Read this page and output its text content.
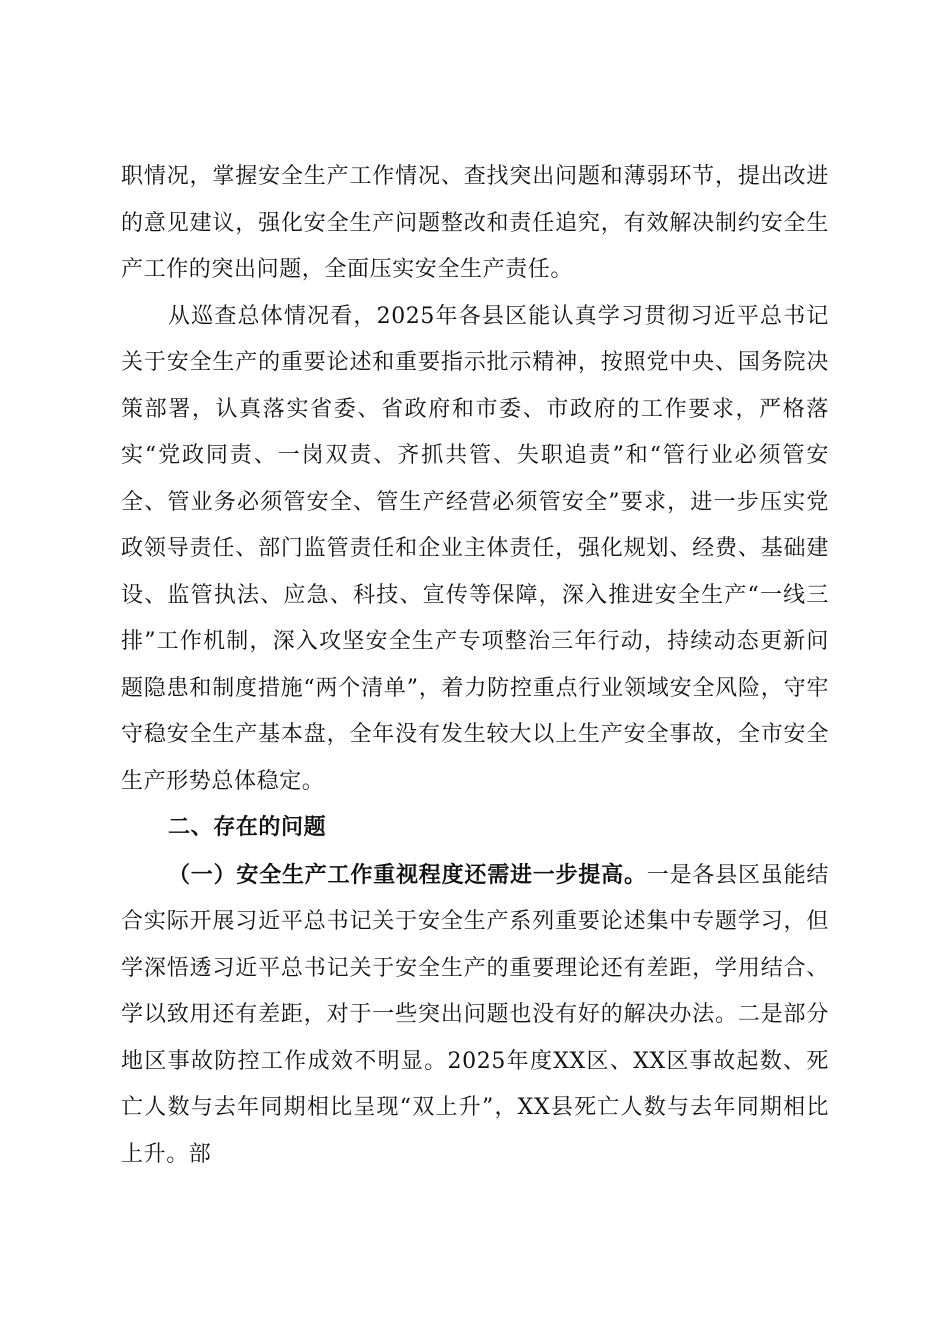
职情况，掌握安全生产工作情况、查找突出问题和薄弱环节，提出改进的意见建议，强化安全生产问题整改和责任追究，有效解决制约安全生产工作的突出问题，全面压实安全生产责任。

从巡查总体情况看，2025年各县区能认真学习贯彻习近平总书记关于安全生产的重要论述和重要指示批示精神，按照党中央、国务院决策部署，认真落实省委、省政府和市委、市政府的工作要求，严格落实“党政同责、一岗双责、齐抓共管、失职追责”和“管行业必须管安全、管业务必须管安全、管生产经营必须管安全”要求，进一步压实党政领导责任、部门监管责任和企业主体责任，强化规划、经费、基础建设、监管执法、应急、科技、宣传等保障，深入推进安全生产“一线三排”工作机制，深入攻坚安全生产专项整治三年行动，持续动态更新问题隐患和制度措施“两个清单”，着力防控重点行业领域安全风险，守牢守稳安全生产基本盘，全年没有发生较大以上生产安全事故，全市安全生产形势总体稳定。

二、存在的问题

（一）安全生产工作重视程度还需进一步提高。一是各县区虽能结合实际开展习近平总书记关于安全生产系列重要论述集中专题学习，但学深悟透习近平总书记关于安全生产的重要理论还有差距，学用结合、学以致用还有差距，对于一些突出问题也没有好的解决办法。二是部分地区事故防控工作成效不明显。2025年度XX区、XX区事故起数、死亡人数与去年同期相比呈现“双上升”，XX县死亡人数与去年同期相比上升。部
